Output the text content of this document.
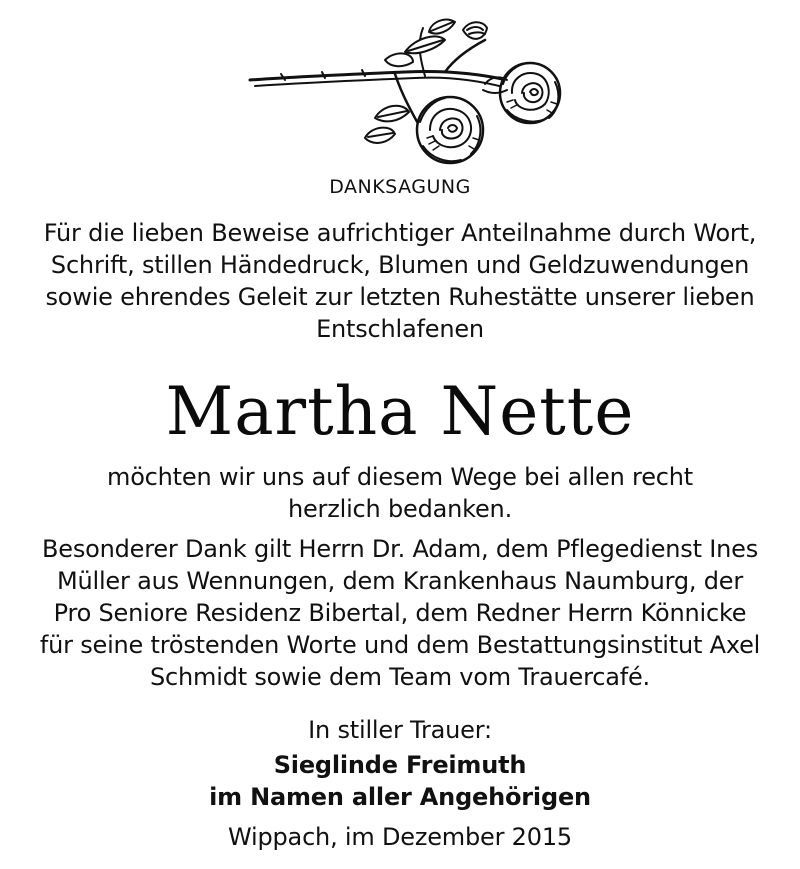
DANKSAGUNG
Für die lieben Beweise aufrichtiger Anteilnahme durch Wort,
Schrift, stillen Händedruck, Blumen und Geldzuwendungen
sowie ehrendes Geleit zur letzten Ruhestätte unserer lieben
Entschlafenen
Martha Nette
möchten wir uns auf diesem Wege bei allen recht
herzlich bedanken.
Besonderer Dank gilt Herrn Dr. Adam, dem Pflegedienst Ines
Müller aus Wennungen, dem Krankenhaus Naumburg, der
Pro Seniore Residenz Bibertal, dem Redner Herrn Könnicke
für seine tröstenden Worte und dem Bestattungsinstitut Axel
Schmidt sowie dem Team vom Trauercafé.
In stiller Trauer:
Sieglinde Freimuth
im Namen aller Angehörigen
Wippach, im Dezember 2015
